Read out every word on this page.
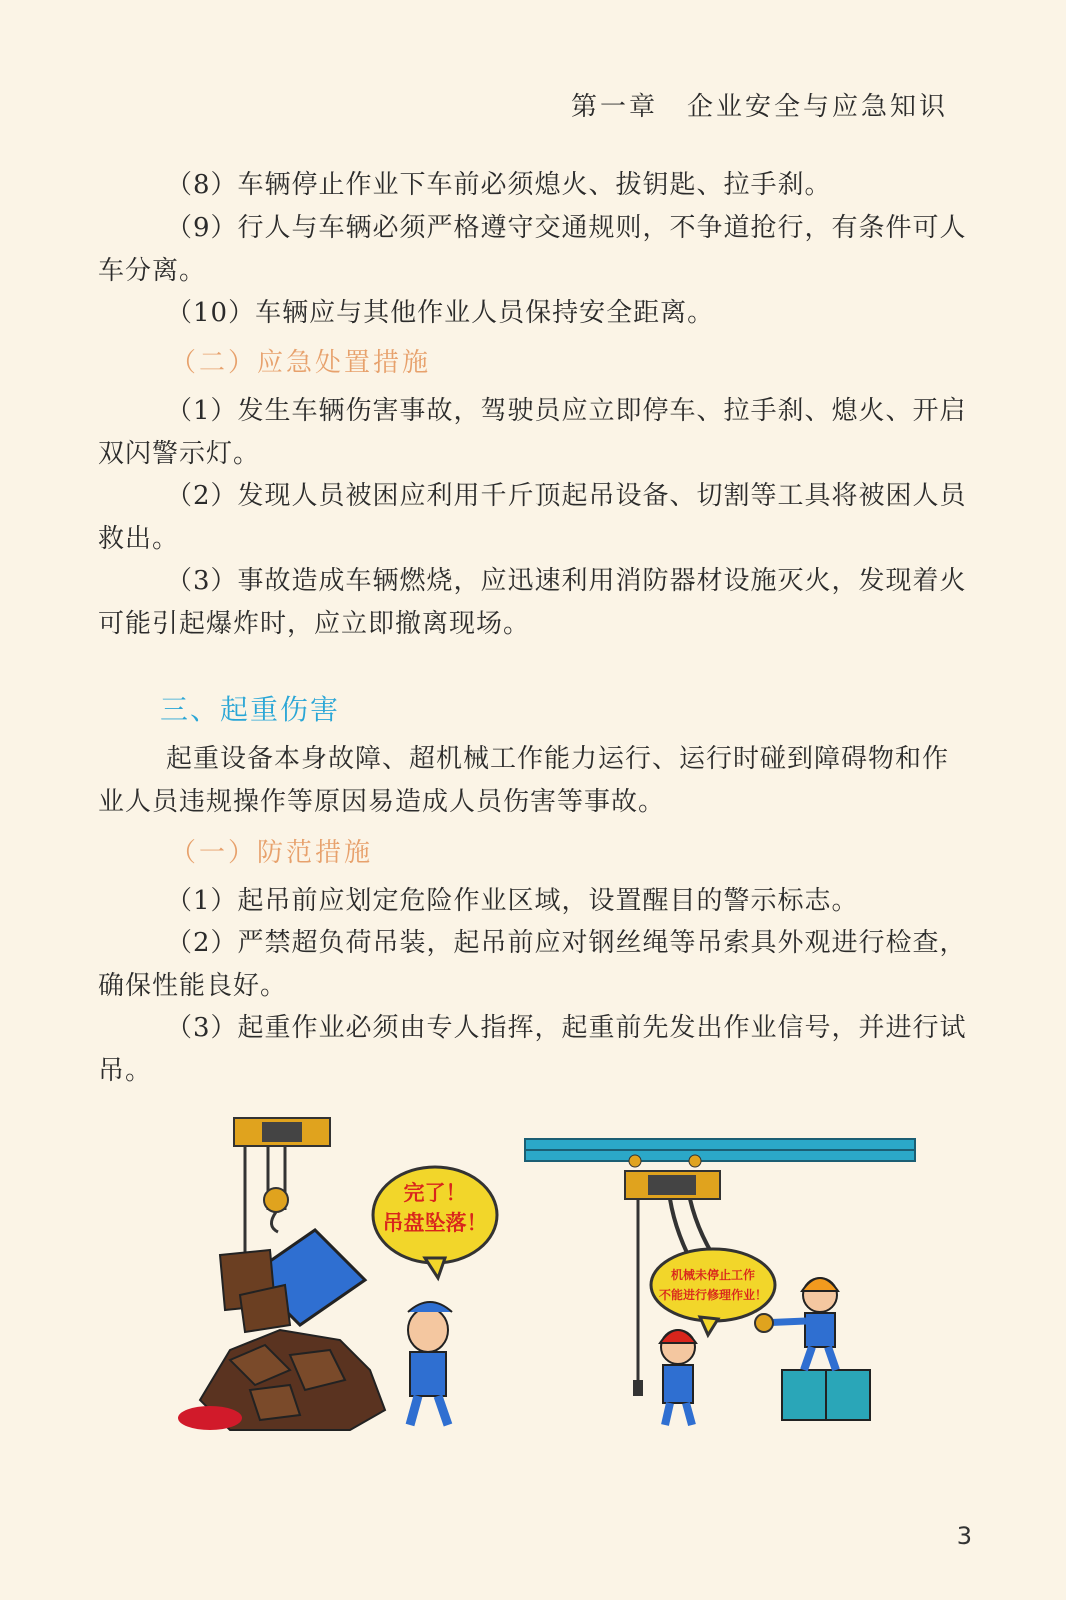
第一章　企业安全与应急知识
（8）车辆停止作业下车前必须熄火、拔钥匙、拉手刹。
（9）行人与车辆必须严格遵守交通规则，不争道抢行，有条件可人车分离。
（10）车辆应与其他作业人员保持安全距离。
（二）应急处置措施
（1）发生车辆伤害事故，驾驶员应立即停车、拉手刹、熄火、开启双闪警示灯。
（2）发现人员被困应利用千斤顶起吊设备、切割等工具将被困人员救出。
（3）事故造成车辆燃烧，应迅速利用消防器材设施灭火，发现着火可能引起爆炸时，应立即撤离现场。
三、起重伤害
起重设备本身故障、超机械工作能力运行、运行时碰到障碍物和作业人员违规操作等原因易造成人员伤害等事故。
（一）防范措施
（1）起吊前应划定危险作业区域，设置醒目的警示标志。
（2）严禁超负荷吊装，起吊前应对钢丝绳等吊索具外观进行检查，确保性能良好。
（3）起重作业必须由专人指挥，起重前先发出作业信号，并进行试吊。
完了！
吊盘坠落！
机械未停止工作
不能进行修理作业！
3
